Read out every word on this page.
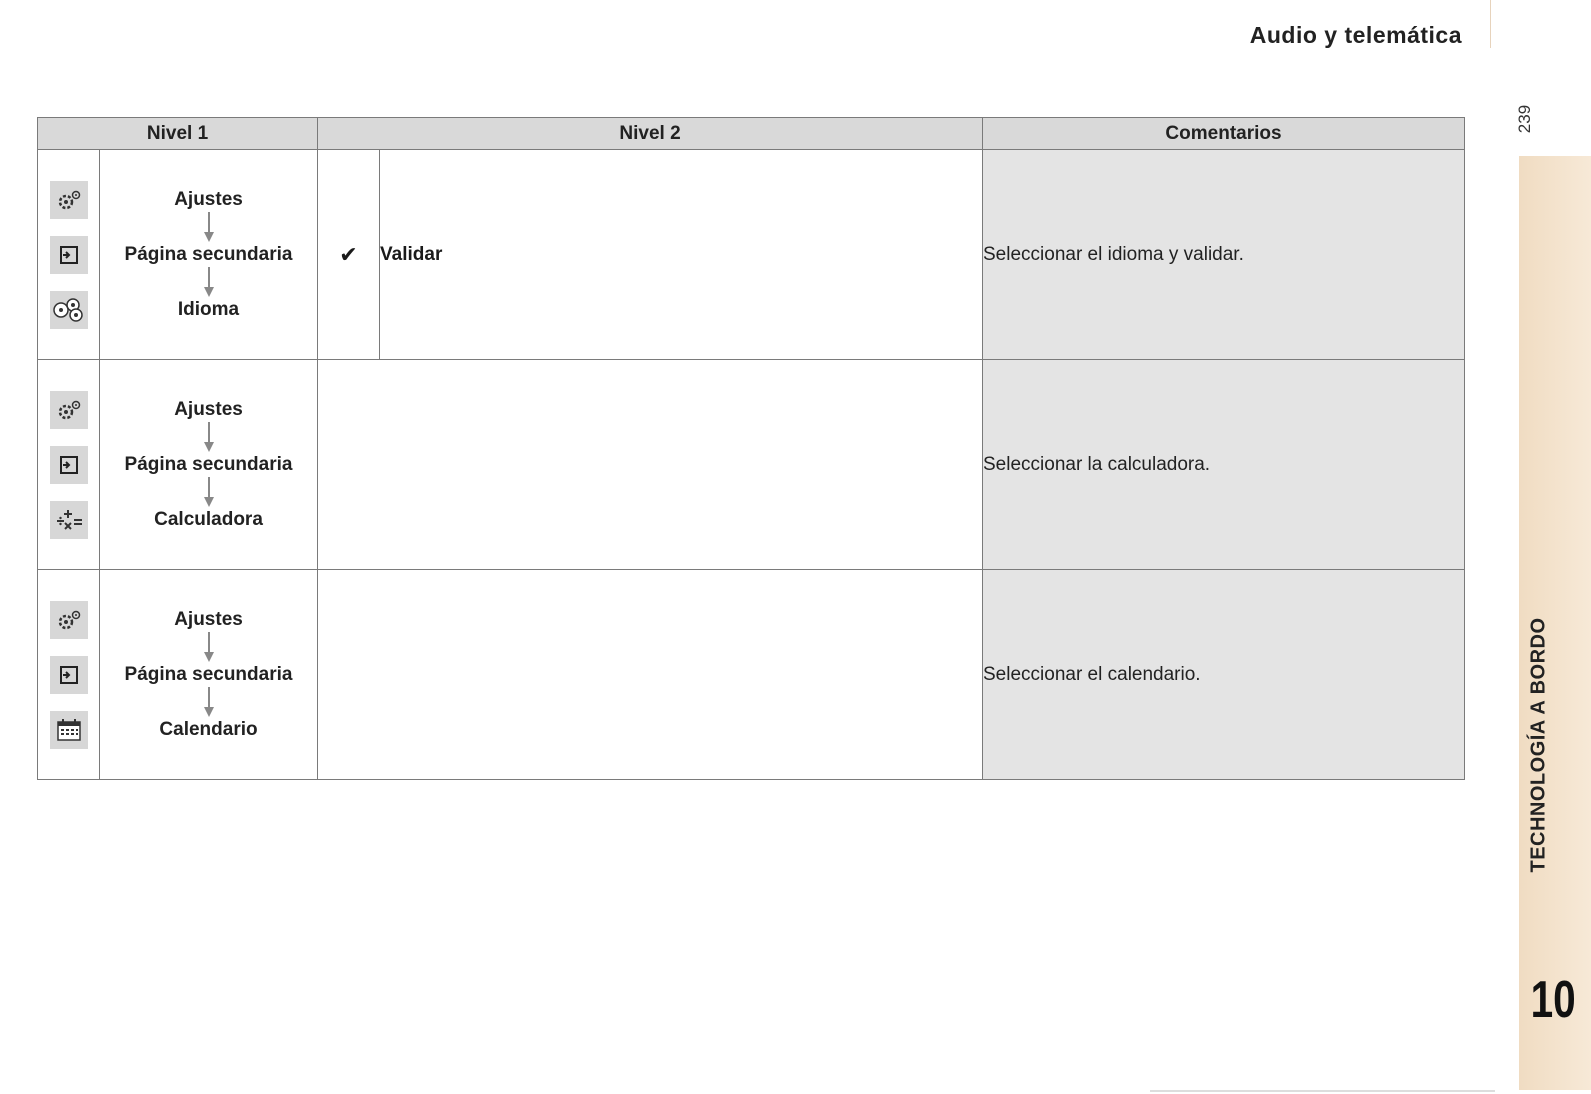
Audio y telemática
239
TECHNOLOGÍA A BORDO
10
Nivel 1		Nivel 2		Comentarios

Ajustes
Página secundaria
Idioma	✔	Validar	Seleccionar el idioma y validar.

Ajustes
Página secundaria
Calculadora			Seleccionar la calculadora.

Ajustes
Página secundaria
Calendario			Seleccionar el calendario.
